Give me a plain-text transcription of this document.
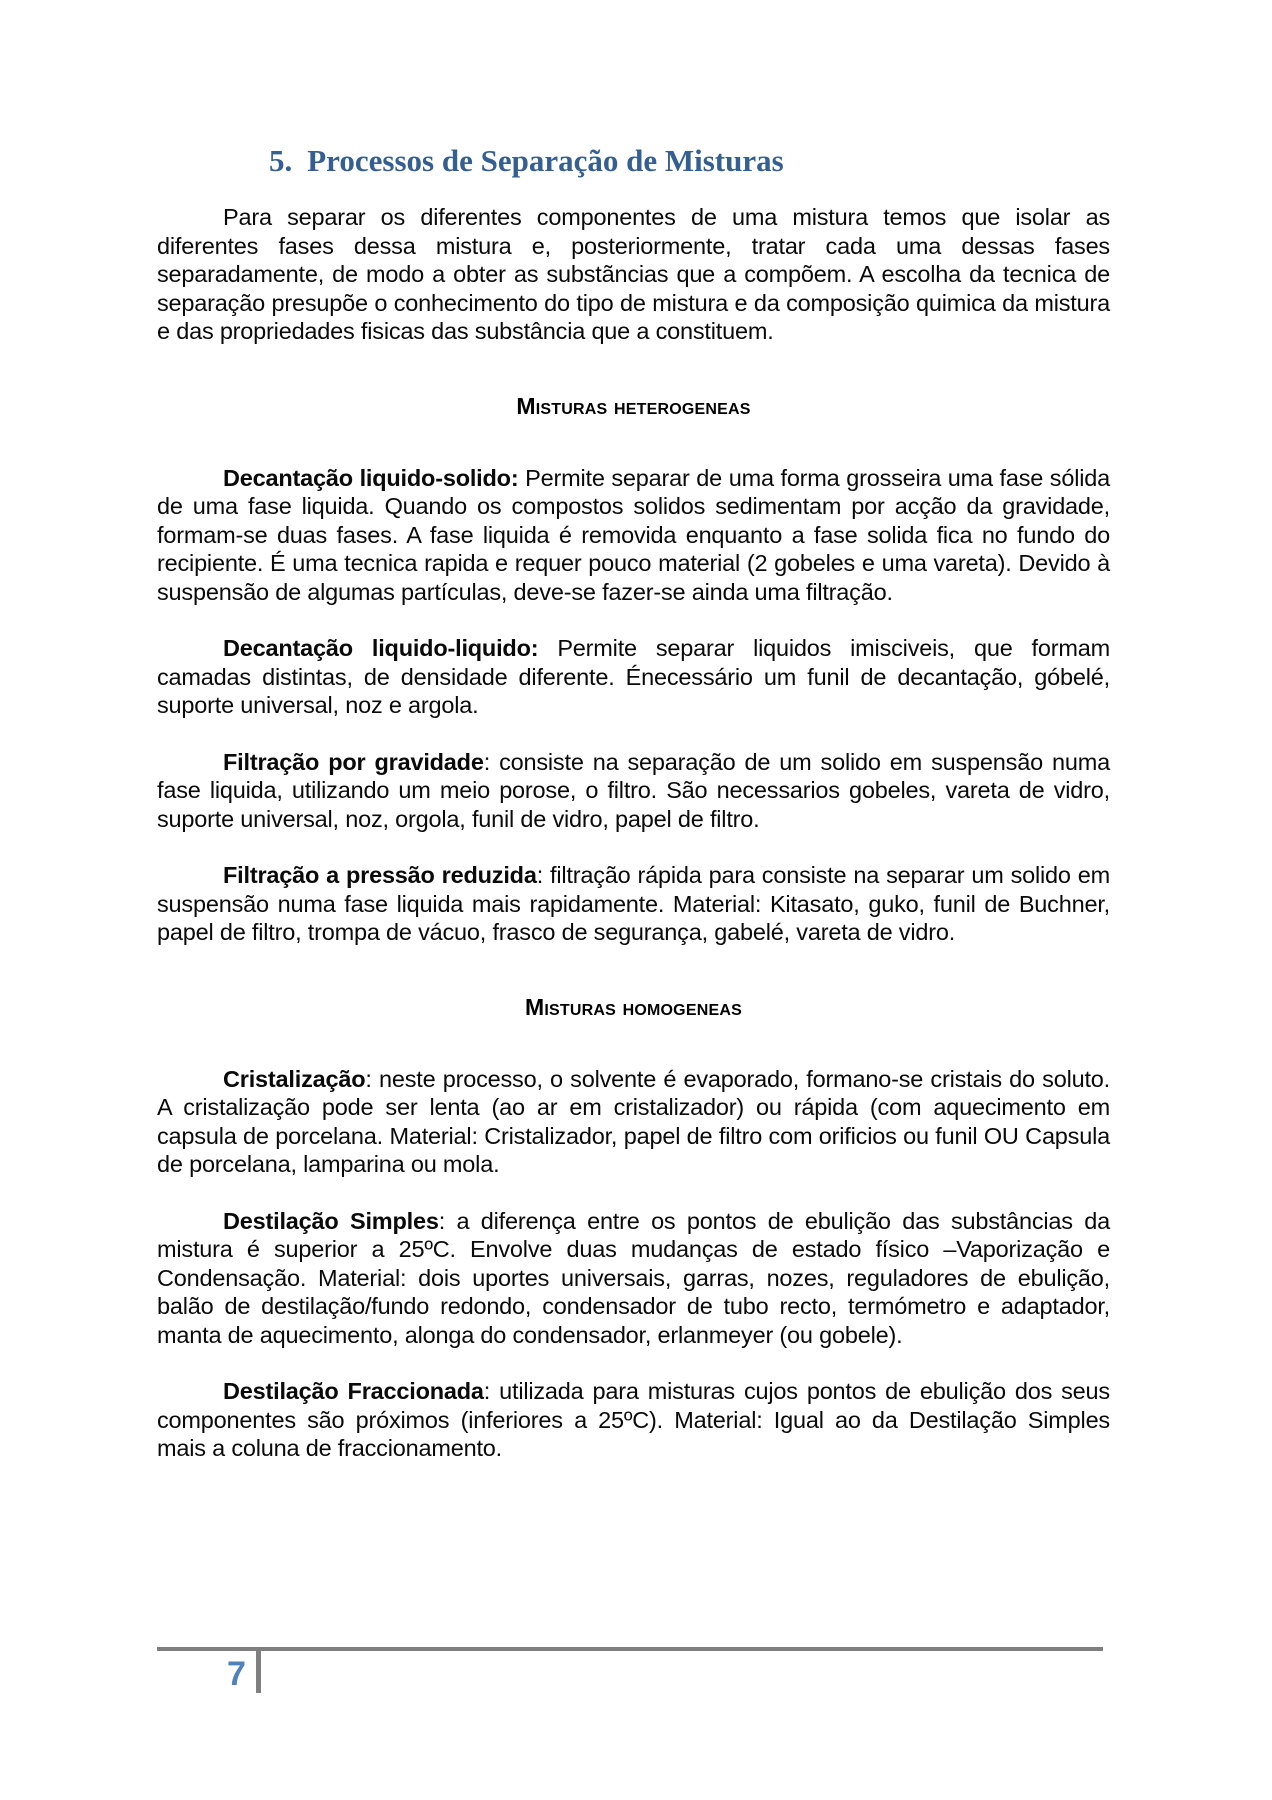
5. Processos de Separação de Misturas

Para separar os diferentes componentes de uma mistura temos que isolar as diferentes fases dessa mistura e, posteriormente, tratar cada uma dessas fases separadamente, de modo a obter as substãncias que a compõem. A escolha da tecnica de separação presupõe o conhecimento do tipo de mistura e da composição quimica da mistura e das propriedades fisicas das substância que a constituem.

Misturas heterogeneas

Decantação liquido-solido: Permite separar de uma forma grosseira uma fase sólida de uma fase liquida. Quando os compostos solidos sedimentam por acção da gravidade, formam-se duas fases. A fase liquida é removida enquanto a fase solida fica no fundo do recipiente. É uma tecnica rapida e requer pouco material (2 gobeles e uma vareta). Devido à suspensão de algumas partículas, deve-se fazer-se ainda uma filtração.

Decantação liquido-liquido: Permite separar liquidos imisciveis, que formam camadas distintas, de densidade diferente. Énecessário um funil de decantação, góbelé, suporte universal, noz e argola.

Filtração por gravidade: consiste na separação de um solido em suspensão numa fase liquida, utilizando um meio porose, o filtro. São necessarios gobeles, vareta de vidro, suporte universal, noz, orgola, funil de vidro, papel de filtro.

Filtração a pressão reduzida: filtração rápida para consiste na separar um solido em suspensão numa fase liquida mais rapidamente. Material: Kitasato, guko, funil de Buchner, papel de filtro, trompa de vácuo, frasco de segurança, gabelé, vareta de vidro.

Misturas homogeneas

Cristalização: neste processo, o solvente é evaporado, formano-se cristais do soluto. A cristalização pode ser lenta (ao ar em cristalizador) ou rápida (com aquecimento em capsula de porcelana. Material: Cristalizador, papel de filtro com orificios ou funil OU Capsula de porcelana, lamparina ou mola.

Destilação Simples: a diferença entre os pontos de ebulição das substâncias da mistura é superior a 25ºC. Envolve duas mudanças de estado físico –Vaporização e Condensação. Material: dois uportes universais, garras, nozes, reguladores de ebulição, balão de destilação/fundo redondo, condensador de tubo recto, termómetro e adaptador, manta de aquecimento, alonga do condensador, erlanmeyer (ou gobele).

Destilação Fraccionada: utilizada para misturas cujos pontos de ebulição dos seus componentes são próximos (inferiores a 25ºC). Material: Igual ao da Destilação Simples mais a coluna de fraccionamento.

7
